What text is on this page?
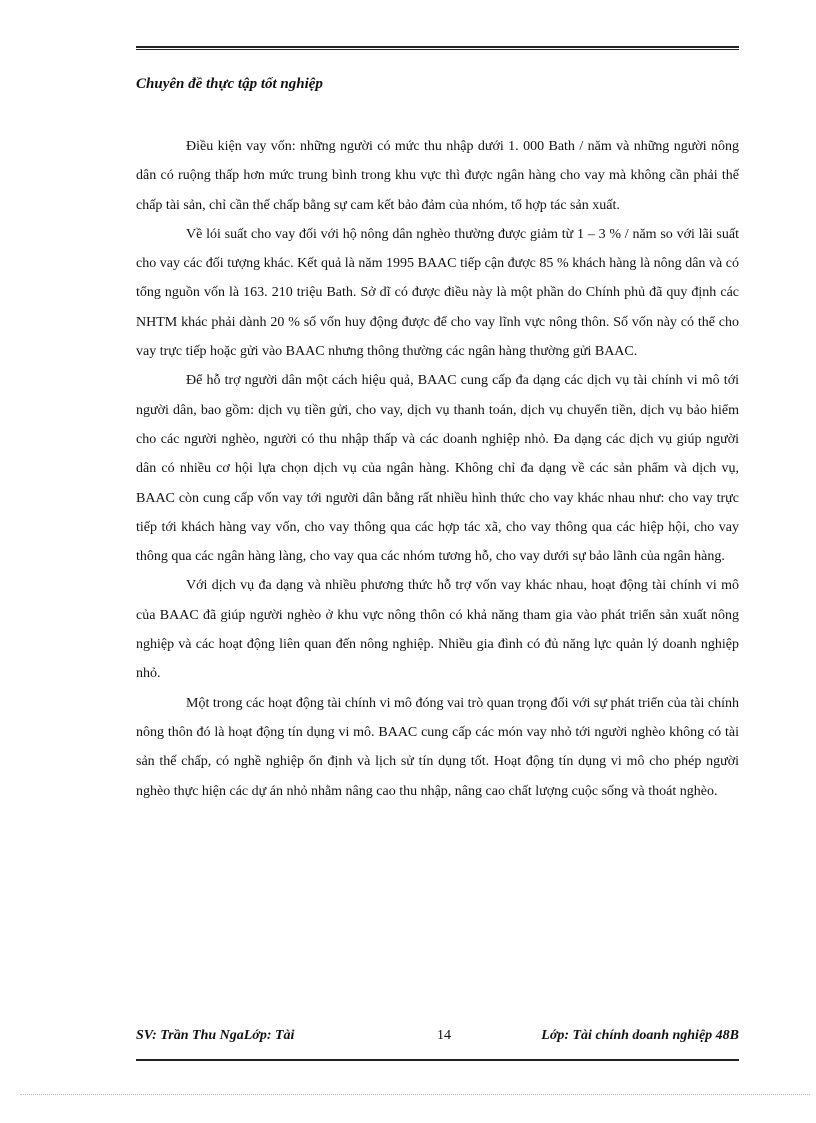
Chuyên đề thực tập tốt nghiệp

Điều kiện vay vốn: những người có mức thu nhập dưới 1. 000 Bath / năm và những người nông dân có ruộng thấp hơn mức trung bình trong khu vực thì được ngân hàng cho vay mà không cần phải thế chấp tài sản, chỉ cần thế chấp bằng sự cam kết bảo đảm của nhóm, tổ hợp tác sản xuất.

Về lói suất cho vay đối với hộ nông dân nghèo thường được giảm từ 1 – 3 % / năm so với lãi suất cho vay các đối tượng khác. Kết quả là năm 1995 BAAC tiếp cận được 85 % khách hàng là nông dân và có tổng nguồn vốn là 163. 210 triệu Bath. Sở dĩ có được điều này là một phần do Chính phủ đã quy định các NHTM khác phải dành 20 % số vốn huy động được để cho vay lĩnh vực nông thôn. Số vốn này có thể cho vay trực tiếp hoặc gửi vào BAAC nhưng thông thường các ngân hàng thường gửi BAAC.

Để hỗ trợ người dân một cách hiệu quả, BAAC cung cấp đa dạng các dịch vụ tài chính vi mô tới người dân, bao gồm: dịch vụ tiền gửi, cho vay, dịch vụ thanh toán, dịch vụ chuyển tiền, dịch vụ bảo hiểm cho các người nghèo, người có thu nhập thấp và các doanh nghiệp nhỏ. Đa dạng các dịch vụ giúp người dân có nhiều cơ hội lựa chọn dịch vụ của ngân hàng. Không chỉ đa dạng về các sản phẩm và dịch vụ, BAAC còn cung cấp vốn vay tới người dân bằng rất nhiều hình thức cho vay khác nhau như: cho vay trực tiếp tới khách hàng vay vốn, cho vay thông qua các hợp tác xã, cho vay thông qua các hiệp hội, cho vay thông qua các ngân hàng làng, cho vay qua các nhóm tương hỗ, cho vay dưới sự bảo lãnh của ngân hàng.

Với dịch vụ đa dạng và nhiều phương thức hỗ trợ vốn vay khác nhau, hoạt động tài chính vi mô của BAAC đã giúp người nghèo ở khu vực nông thôn có khả năng tham gia vào phát triển sản xuất nông nghiệp và các hoạt động liên quan đến nông nghiệp. Nhiều gia đình có đủ năng lực quản lý doanh nghiệp nhỏ.

Một trong các hoạt động tài chính vi mô đóng vai trò quan trọng đối với sự phát triển của tài chính nông thôn đó là hoạt động tín dụng vi mô. BAAC cung cấp các món vay nhỏ tới người nghèo không có tài sản thế chấp, có nghề nghiệp ổn định và lịch sử tín dụng tốt. Hoạt động tín dụng vi mô cho phép người nghèo thực hiện các dự án nhỏ nhằm nâng cao thu nhập, nâng cao chất lượng cuộc sống và thoát nghèo.

SV: Trần Thu NgaLớp: Tài	14	Lớp: Tài chính doanh nghiệp 48B
